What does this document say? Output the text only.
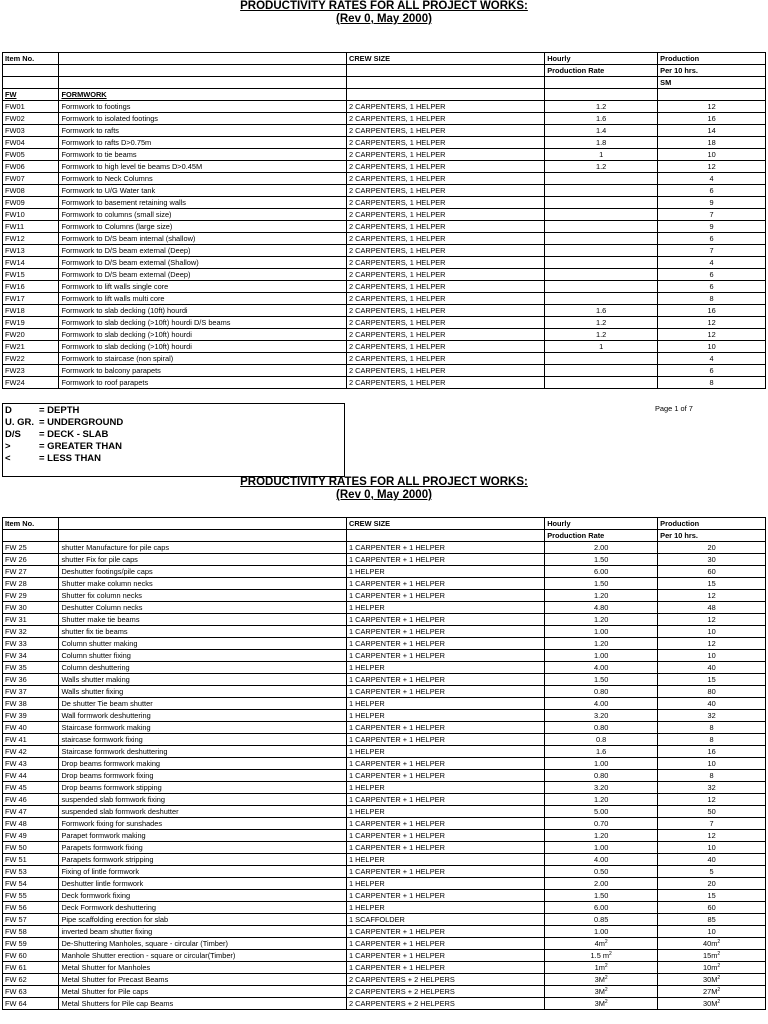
PRODUCTIVITY RATES FOR ALL PROJECT WORKS:
(Rev 0, May 2000)
Item No.		CREW SIZE	Hourly	Production
			Production Rate	Per 10 hrs.
				SM
FW	FORMWORK			
FW01	Formwork to footings	2 CARPENTERS, 1 HELPER	1.2	12
FW02	Formwork to isolated footings	2 CARPENTERS, 1 HELPER	1.6	16
FW03	Formwork to rafts	2 CARPENTERS, 1 HELPER	1.4	14
FW04	Formwork to rafts D>0.75m	2 CARPENTERS, 1 HELPER	1.8	18
FW05	Formwork to tie beams	2 CARPENTERS, 1 HELPER	1	10
FW06	Formwork to high level tie beams D>0.45M	2 CARPENTERS, 1 HELPER	1.2	12
FW07	Formwork to Neck Columns	2 CARPENTERS, 1 HELPER		4
FW08	Formwork to U/G Water tank	2 CARPENTERS, 1 HELPER		6
FW09	Formwork to basement retaining walls	2 CARPENTERS, 1 HELPER		9
FW10	Formwork to columns (small size)	2 CARPENTERS, 1 HELPER		7
FW11	Formwork to Columns (large size)	2 CARPENTERS, 1 HELPER		9
FW12	Formwork to D/S beam internal (shallow)	2 CARPENTERS, 1 HELPER		6
FW13	Formwork to D/S beam external (Deep)	2 CARPENTERS, 1 HELPER		7
FW14	Formwork to D/S beam external (Shallow)	2 CARPENTERS, 1 HELPER		4
FW15	Formwork to D/S beam external (Deep)	2 CARPENTERS, 1 HELPER		6
FW16	Formwork to lift walls single core	2 CARPENTERS, 1 HELPER		6
FW17	Formwork to lift walls multi core	2 CARPENTERS, 1 HELPER		8
FW18	Formwork to slab decking (10ft) hourdi	2 CARPENTERS, 1 HELPER	1.6	16
FW19	Formwork to slab decking (>10ft) hourdi D/S beams	2 CARPENTERS, 1 HELPER	1.2	12
FW20	Formwork to slab decking (>10ft) hourdi	2 CARPENTERS, 1 HELPER	1.2	12
FW21	Formwork to slab decking (>10ft) hourdi	2 CARPENTERS, 1 HELPER	1	10
FW22	Formwork to staircase (non spiral)	2 CARPENTERS, 1 HELPER		4
FW23	Formwork to balcony parapets	2 CARPENTERS, 1 HELPER		6
FW24	Formwork to roof parapets	2 CARPENTERS, 1 HELPER		8
D	= DEPTH
U. GR. = UNDERGROUND
D/S = DECK - SLAB
>	= GREATER THAN
<	= LESS THAN
Page 1 of 7
PRODUCTIVITY RATES FOR ALL PROJECT WORKS:
(Rev 0, May 2000)
Item No.		CREW SIZE	Hourly	Production
			Production Rate	Per 10 hrs.
FW 25	shutter Manufacture for pile caps	1 CARPENTER + 1 HELPER	2.00	20
FW 26	shutter Fix for pile caps	1 CARPENTER + 1 HELPER	1.50	30
FW 27	Deshutter footings/pile caps	1 HELPER	6.00	60
FW 28	Shutter make column necks	1 CARPENTER + 1 HELPER	1.50	15
FW 29	Shutter fix column necks	1 CARPENTER + 1 HELPER	1.20	12
FW 30	Deshutter Column necks	1 HELPER	4.80	48
FW 31	Shutter make tie beams	1 CARPENTER + 1 HELPER	1.20	12
FW 32	shutter fix tie beams	1 CARPENTER + 1 HELPER	1.00	10
FW 33	Column shutter making	1 CARPENTER + 1 HELPER	1.20	12
FW 34	Column shutter fixing	1 CARPENTER + 1 HELPER	1.00	10
FW 35	Column deshuttering	1 HELPER	4.00	40
FW 36	Walls shutter making	1 CARPENTER + 1 HELPER	1.50	15
FW 37	Walls shutter fixing	1 CARPENTER + 1 HELPER	0.80	80
FW 38	De shutter Tie beam shutter	1 HELPER	4.00	40
FW 39	Wall formwork deshuttering	1 HELPER	3.20	32
FW 40	Staircase formwork making	1 CARPENTER + 1 HELPER	0.80	8
FW 41	staircase formwork fixing	1 CARPENTER + 1 HELPER	0.8	8
FW 42	Staircase formwork deshuttering	1 HELPER	1.6	16
FW 43	Drop beams formwork making	1 CARPENTER + 1 HELPER	1.00	10
FW 44	Drop beams formwork fixing	1 CARPENTER + 1 HELPER	0.80	8
FW 45	Drop beams formwork stipping	1 HELPER	3.20	32
FW 46	suspended slab formwork fixing	1 CARPENTER + 1 HELPER	1.20	12
FW 47	suspended slab formwork deshutter	1 HELPER	5.00	50
FW 48	Formwork fixing for sunshades	1 CARPENTER + 1 HELPER	0.70	7
FW 49	Parapet formwork making	1 CARPENTER + 1 HELPER	1.20	12
FW 50	Parapets formwork fixing	1 CARPENTER + 1 HELPER	1.00	10
FW 51	Parapets formwork stripping	1 HELPER	4.00	40
FW 53	Fixing of lintle formwork	1 CARPENTER + 1 HELPER	0.50	5
FW 54	Deshutter lintle formwork	1 HELPER	2.00	20
FW 55	Deck formwork fixing	1 CARPENTER + 1 HELPER	1.50	15
FW 56	Deck Formwork deshuttering	1 HELPER	6.00	60
FW 57	Pipe scaffolding erection for slab	1 SCAFFOLDER	0.85	85
FW 58	inverted beam shutter fixing	1 CARPENTER + 1 HELPER	1.00	10
FW 59	De-Shuttering Manholes, square - circular (Timber)	1 CARPENTER + 1 HELPER	$4m^2$	$40m^2$
FW 60	Manhole Shutter erection - square or circular(Timber)	1 CARPENTER + 1 HELPER	1.5 $m^2$	$15m^2$
FW 61	Metal Shutter for Manholes	1 CARPENTER + 1 HELPER	$1m^2$	$10m^2$
FW 62	Metal Shutter for Precast Beams	2 CARPENTERS + 2 HELPERS	$3M^2$	$30M^2$
FW 63	Metal Shutter for Pile caps	2 CARPENTERS + 2 HELPERS	$3M^2$	$27M^2$
FW 64	Metal Shutters for Pile cap Beams	2 CARPENTERS + 2 HELPERS	$3M^2$	$30M^2$
